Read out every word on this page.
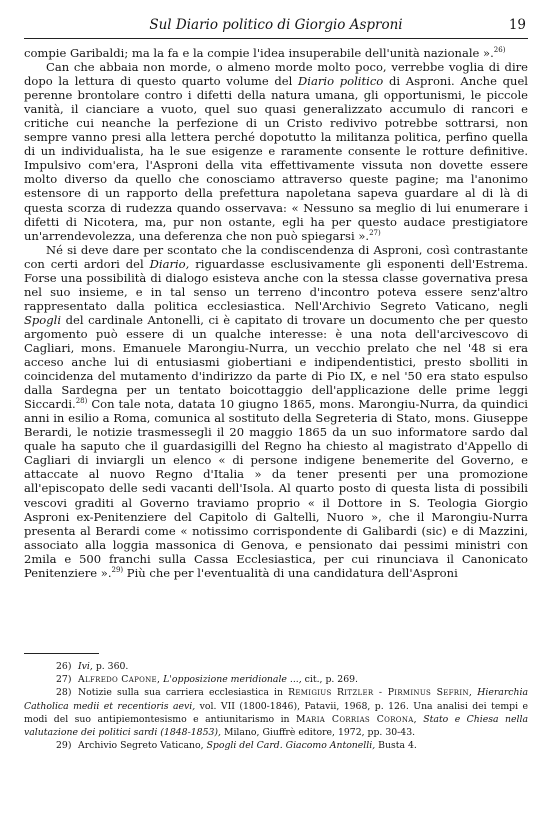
Sul Diario politico di Giorgio Asproni	19

compie Garibaldi; ma la fa e la compie l'idea insuperabile dell'unità nazionale ».$^{26)}$

Can che abbaia non morde, o almeno morde molto poco, verrebbe voglia di dire dopo la lettura di questo quarto volume del Diario politico di Asproni. Anche quel perenne brontolare contro i difetti della natura umana, gli opportunismi, le piccole vanità, il cianciare a vuoto, quel suo quasi generalizzato accumulo di rancori e critiche cui neanche la perfezione di un Cristo redivivo potrebbe sottrarsi, non sempre vanno presi alla lettera perché dopotutto la militanza politica, perfino quella di un individualista, ha le sue esigenze e raramente consente le rotture definitive. Impulsivo com'era, l'Asproni della vita effettivamente vissuta non dovette essere molto diverso da quello che conosciamo attraverso queste pagine; ma l'anonimo estensore di un rapporto della prefettura napoletana sapeva guardare al di là di questa scorza di rudezza quando osservava: « Nessuno sa meglio di lui enumerare i difetti di Nicotera, ma, pur non ostante, egli ha per questo audace prestigiatore un'arrendevolezza, una deferenza che non può spiegarsi ».$^{27)}$

Né si deve dare per scontato che la condiscendenza di Asproni, così contrastante con certi ardori del Diario, riguardasse esclusivamente gli esponenti dell'Estrema. Forse una possibilità di dialogo esisteva anche con la stessa classe governativa presa nel suo insieme, e in tal senso un terreno d'incontro poteva essere senz'altro rappresentato dalla politica ecclesiastica. Nell'Archivio Segreto Vaticano, negli Spogli del cardinale Antonelli, ci è capitato di trovare un documento che per questo argomento può essere di un qualche interesse: è una nota dell'arcivescovo di Cagliari, mons. Emanuele Marongiu-Nurra, un vecchio prelato che nel '48 si era acceso anche lui di entusiasmi giobertiani e indipendentistici, presto sbolliti in coincidenza del mutamento d'indirizzo da parte di Pio IX, e nel '50 era stato espulso dalla Sardegna per un tentato boicottaggio dell'applicazione delle prime leggi Siccardi.$^{28)}$ Con tale nota, datata 10 giugno 1865, mons. Marongiu-Nurra, da quindici anni in esilio a Roma, comunica al sostituto della Segreteria di Stato, mons. Giuseppe Berardi, le notizie trasmessegli il 20 maggio 1865 da un suo informatore sardo dal quale ha saputo che il guardasigilli del Regno ha chiesto al magistrato d'Appello di Cagliari di inviargli un elenco « di persone indigene benemerite del Governo, e attaccate al nuovo Regno d'Italia » da tener presenti per una promozione all'episcopato delle sedi vacanti dell'Isola. Al quarto posto di questa lista di possibili vescovi graditi al Governo traviamo proprio « il Dottore in S. Teologia Giorgio Asproni ex-Penitenziere del Capitolo di Galtelli, Nuoro », che il Marongiu-Nurra presenta al Berardi come « notissimo corrispondente di Galibardi (sic) e di Mazzini, associato alla loggia massonica di Genova, e pensionato dai pessimi ministri con 2mila e 500 franchi sulla Cassa Ecclesiastica, per cui rinunciava il Canonicato Penitenziere ».$^{29)}$ Più che per l'eventualità di una candidatura dell'Asproni

26) Ivi, p. 360.

27) Alfredo Capone, L'opposizione meridionale ..., cit., p. 269.

28) Notizie sulla sua carriera ecclesiastica in Remigius Ritzler - Pirminus Sefrin, Hierarchia Catholica medii et recentioris aevi, vol. VII (1800-1846), Patavii, 1968, p. 126. Una analisi dei tempi e modi del suo antipiemontesismo e antiunitarismo in Maria Corrias Corona, Stato e Chiesa nella valutazione dei politici sardi (1848-1853), Milano, Giuffrè editore, 1972, pp. 30-43.

29) Archivio Segreto Vaticano, Spogli del Card. Giacomo Antonelli, Busta 4.
